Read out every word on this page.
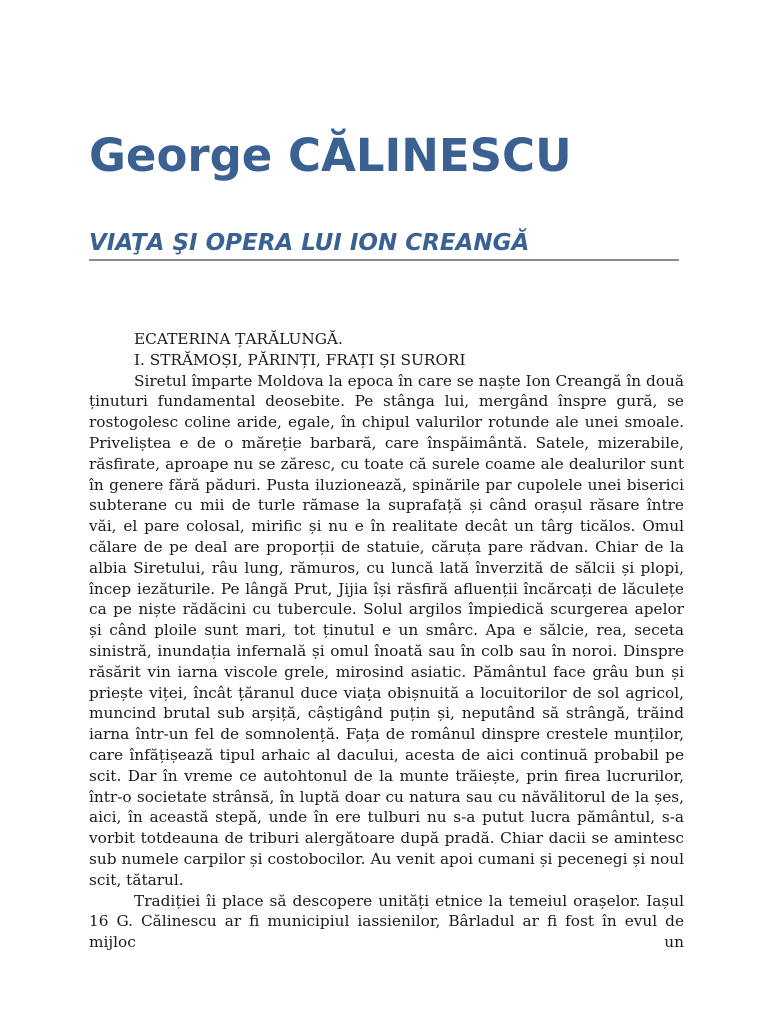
George CĂLINESCU
VIAŢA ŞI OPERA LUI ION CREANGĂ

ECATERINA ȚARĂLUNGĂ.

I. STRĂMOȘI, PĂRINȚI, FRAȚI ȘI SURORI

Siretul împarte Moldova la epoca în care se naște Ion Creangă în două ținuturi fundamental deosebite. Pe stânga lui, mergând înspre gură, se rostogolesc coline aride, egale, în chipul valurilor rotunde ale unei smoale. Priveliștea e de o măreție barbară, care înspăimântă. Satele, mizerabile, răsfirate, aproape nu se zăresc, cu toate că surele coame ale dealurilor sunt în genere fără păduri. Pusta iluzionează, spinările par cupolele unei biserici subterane cu mii de turle rămase la suprafață și când orașul răsare între văi, el pare colosal, mirific și nu e în realitate decât un târg ticălos. Omul călare de pe deal are proporții de statuie, căruța pare rădvan. Chiar de la albia Siretului, râu lung, rămuros, cu luncă lată înverzită de sălcii și plopi, încep iezăturile. Pe lângă Prut, Jijia își răsfiră afluenții încărcați de lăculețe ca pe niște rădăcini cu tubercule. Solul argilos împiedică scurgerea apelor și când ploile sunt mari, tot ținutul e un smârc. Apa e sălcie, rea, seceta sinistră, inundația infernală și omul înoată sau în colb sau în noroi. Dinspre răsărit vin iarna viscole grele, mirosind asiatic. Pământul face grâu bun și priește viței, încât țăranul duce viața obișnuită a locuitorilor de sol agricol, muncind brutal sub arșiță, câștigând puțin și, neputând să strângă, trăind iarna într-un fel de somnolență. Fața de românul dinspre crestele munților, care înfățișează tipul arhaic al dacului, acesta de aici continuă probabil pe scit. Dar în vreme ce autohtonul de la munte trăiește, prin firea lucrurilor, într-o societate strânsă, în luptă doar cu natura sau cu năvălitorul de la șes, aici, în această stepă, unde în ere tulburi nu s-a putut lucra pământul, s-a vorbit totdeauna de triburi alergătoare după pradă. Chiar dacii se amintesc sub numele carpilor și costobocilor. Au venit apoi cumani și pecenegi și noul scit, tătarul.

Tradiției îi place să descopere unități etnice la temeiul orașelor. Iașul 16 G. Călinescu ar fi municipiul iassienilor, Bârladul ar fi fost în evul de mijloc un
